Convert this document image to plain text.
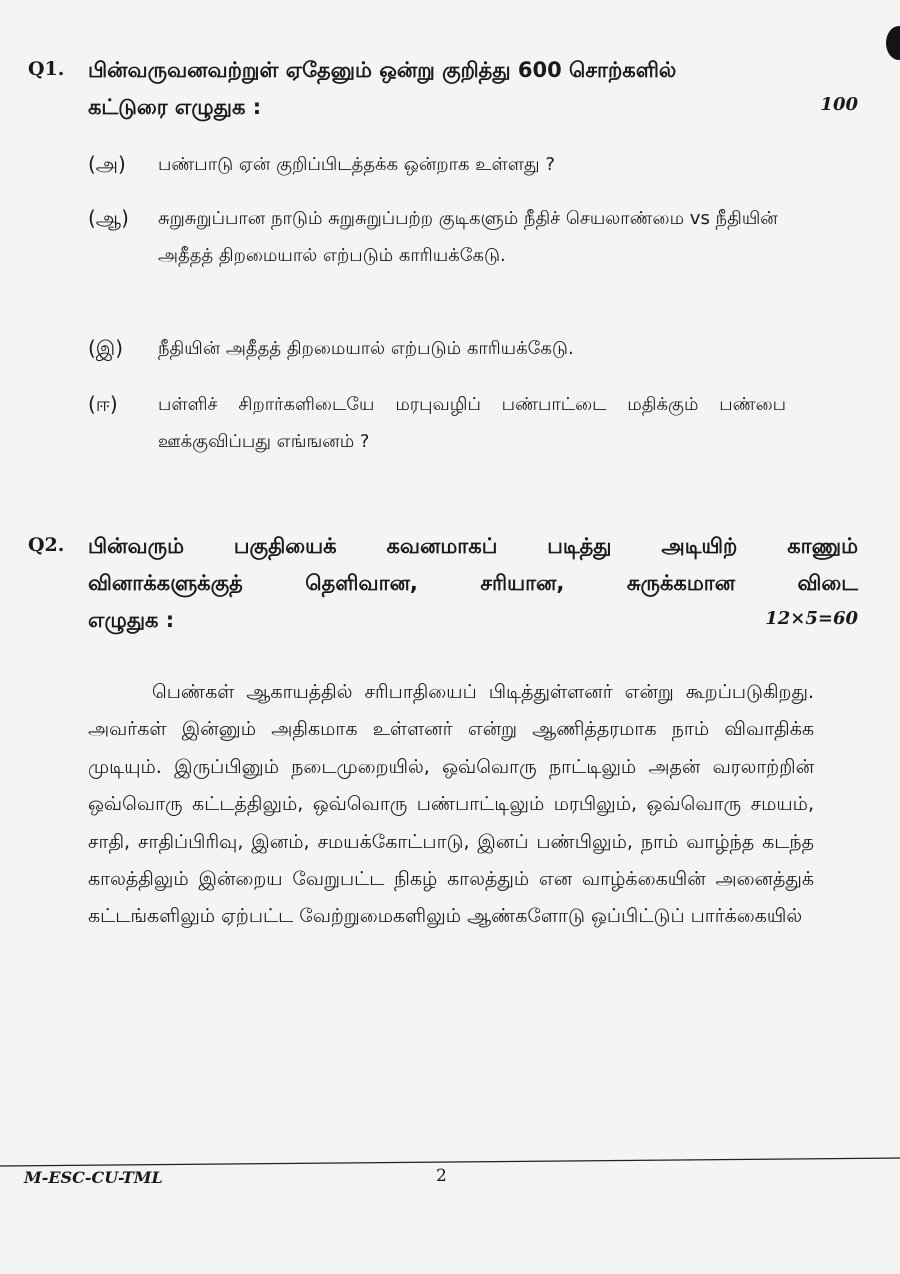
Q1. பின்வருவனவற்றுள் ஏதேனும் ஒன்று குறித்து 600 சொற்களில்
கட்டுரை எழுதுக :	100
(அ) பண்பாடு ஏன் குறிப்பிடத்தக்க ஒன்றாக உள்ளது ?
(ஆ) சுறுசுறுப்பான நாடும் சுறுசுறுப்பற்ற குடிகளும் நீதிச் செயலாண்மை vs நீதியின் அதீதத் திறமையால் எற்படும் காரியக்கேடு.
(இ) நீதியின் அதீதத் திறமையால் எற்படும் காரியக்கேடு.
(ஈ) பள்ளிச் சிறார்களிடையே மரபுவழிப் பண்பாட்டை மதிக்கும் பண்பை ஊக்குவிப்பது எங்ஙனம் ?
Q2. பின்வரும் பகுதியைக் கவனமாகப் படித்து அடியிற் காணும்
வினாக்களுக்குத் தெளிவான, சரியான, சுருக்கமான விடை
எழுதுக :	12×5=60
பெண்கள் ஆகாயத்தில் சரிபாதியைப் பிடித்துள்ளனர் என்று கூறப்படுகிறது. அவர்கள் இன்னும் அதிகமாக உள்ளனர் என்று ஆணித்தரமாக நாம் விவாதிக்க முடியும். இருப்பினும் நடைமுறையில், ஒவ்வொரு நாட்டிலும் அதன் வரலாற்றின் ஒவ்வொரு கட்டத்திலும், ஒவ்வொரு பண்பாட்டிலும் மரபிலும், ஒவ்வொரு சமயம், சாதி, சாதிப்பிரிவு, இனம், சமயக்கோட்பாடு, இனப் பண்பிலும், நாம் வாழ்ந்த கடந்த காலத்திலும் இன்றைய வேறுபட்ட நிகழ் காலத்தும் என வாழ்க்கையின் அனைத்துக் கட்டங்களிலும் ஏற்பட்ட வேற்றுமைகளிலும் ஆண்களோடு ஒப்பிட்டுப் பார்க்கையில்
M-ESC-CU-TML	2
